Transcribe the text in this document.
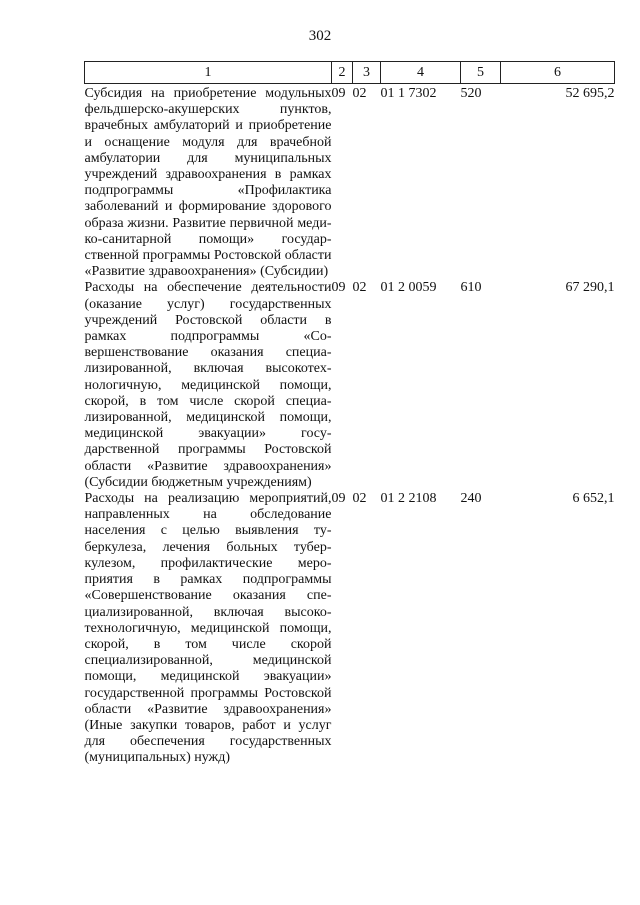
302
1	2	3	4	5	6
Субсидия на приобретение модульных фельдшерско-акушерских пунктов, врачебных амбулаторий и приобретение и оснащение модуля для врачебной амбулатории для муниципальных учреждений здравоохранения в рамках подпрограммы «Профилактика заболеваний и формирование здорового образа жизни. Развитие первичной медико-санитарной помощи» государственной программы Ростовской области «Развитие здравоохранения» (Субсидии)	09	02	01 1 7302	520	52 695,2
Расходы на обеспечение деятельности (оказание услуг) государственных учреждений Ростовской области в рамках подпрограммы «Совершенствование оказания специализированной, включая высокотехнологичную, медицинской помощи, скорой, в том числе скорой специализированной, медицинской помощи, медицинской эвакуации» государственной программы Ростовской области «Развитие здравоохранения» (Субсидии бюджетным учреждениям)	09	02	01 2 0059	610	67 290,1
Расходы на реализацию мероприятий, направленных на обследование населения с целью выявления туберкулеза, лечения больных туберкулезом, профилактические мероприятия в рамках подпрограммы «Совершенствование оказания специализированной, включая высокотехнологичную, медицинской помощи, скорой, в том числе скорой специализированной, медицинской помощи, медицинской эвакуации» государственной программы Ростовской области «Развитие здравоохранения» (Иные закупки товаров, работ и услуг для обеспечения государственных (муниципальных) нужд)	09	02	01 2 2108	240	6 652,1
